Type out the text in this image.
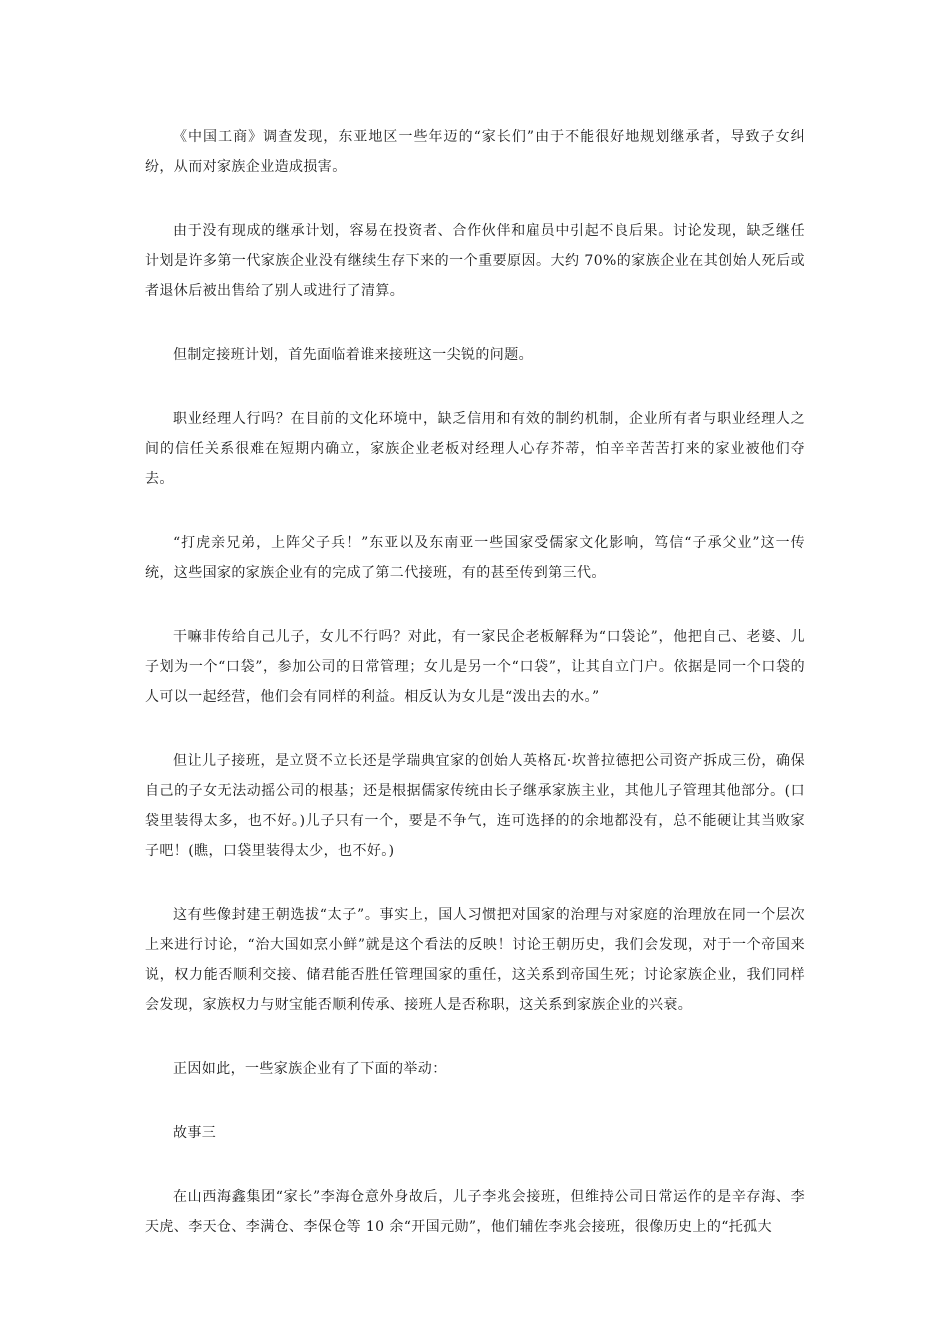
《中国工商》调查发现，东亚地区一些年迈的“家长们”由于不能很好地规划继承者，导致子女纠纷，从而对家族企业造成损害。

由于没有现成的继承计划，容易在投资者、合作伙伴和雇员中引起不良后果。讨论发现，缺乏继任计划是许多第一代家族企业没有继续生存下来的一个重要原因。大约 70%的家族企业在其创始人死后或者退休后被出售给了别人或进行了清算。

但制定接班计划，首先面临着谁来接班这一尖锐的问题。

职业经理人行吗？在目前的文化环境中，缺乏信用和有效的制约机制，企业所有者与职业经理人之间的信任关系很难在短期内确立，家族企业老板对经理人心存芥蒂，怕辛辛苦苦打来的家业被他们夺去。

“打虎亲兄弟，上阵父子兵！”东亚以及东南亚一些国家受儒家文化影响，笃信“子承父业”这一传统，这些国家的家族企业有的完成了第二代接班，有的甚至传到第三代。

干嘛非传给自己儿子，女儿不行吗？对此，有一家民企老板解释为“口袋论”，他把自己、老婆、儿子划为一个“口袋”，参加公司的日常管理；女儿是另一个“口袋”，让其自立门户。依据是同一个口袋的人可以一起经营，他们会有同样的利益。相反认为女儿是“泼出去的水。”

但让儿子接班，是立贤不立长还是学瑞典宜家的创始人英格瓦·坎普拉德把公司资产拆成三份，确保自己的子女无法动摇公司的根基；还是根据儒家传统由长子继承家族主业，其他儿子管理其他部分。(口袋里装得太多，也不好。)儿子只有一个，要是不争气，连可选择的的余地都没有，总不能硬让其当败家子吧！(瞧，口袋里装得太少，也不好。)

这有些像封建王朝选拔“太子”。事实上，国人习惯把对国家的治理与对家庭的治理放在同一个层次上来进行讨论，“治大国如烹小鲜”就是这个看法的反映！讨论王朝历史，我们会发现，对于一个帝国来说，权力能否顺利交接、储君能否胜任管理国家的重任，这关系到帝国生死；讨论家族企业，我们同样会发现，家族权力与财宝能否顺利传承、接班人是否称职，这关系到家族企业的兴衰。

正因如此，一些家族企业有了下面的举动：

故事三

在山西海鑫集团“家长”李海仓意外身故后，儿子李兆会接班，但维持公司日常运作的是辛存海、李天虎、李天仓、李满仓、李保仓等 10 余“开国元勋”，他们辅佐李兆会接班，很像历史上的“托孤大
